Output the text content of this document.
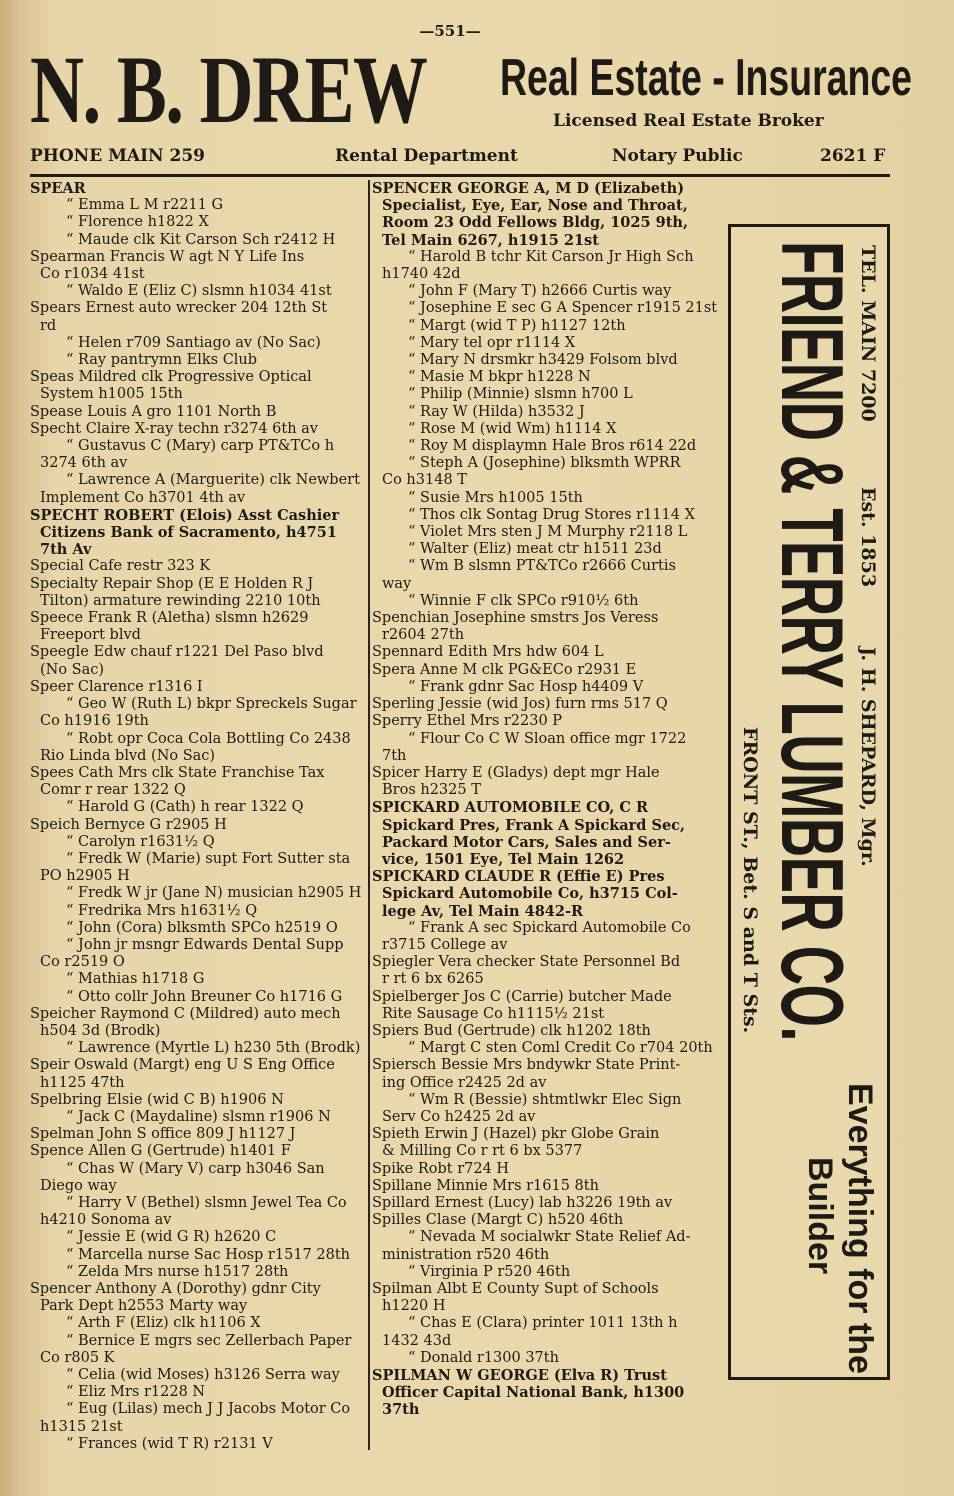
—551—
N. B. DREW Real Estate - Insurance
Licensed Real Estate Broker
PHONE MAIN 259	Rental Department	Notary Public	2621 F
SPEAR
“ Emma L M r2211 G
“ Florence h1822 X
“ Maude clk Kit Carson Sch r2412 H
Spearman Francis W agt N Y Life Ins
Co r1034 41st
“ Waldo E (Eliz C) slsmn h1034 41st
Spears Ernest auto wrecker 204 12th St
rd
“ Helen r709 Santiago av (No Sac)
“ Ray pantrymn Elks Club
Speas Mildred clk Progressive Optical
System h1005 15th
Spease Louis A gro 1101 North B
Specht Claire X-ray techn r3274 6th av
“ Gustavus C (Mary) carp PT&TCo h
3274 6th av
“ Lawrence A (Marguerite) clk Newbert
Implement Co h3701 4th av
SPECHT ROBERT (Elois) Asst Cashier
Citizens Bank of Sacramento, h4751
7th Av
Special Cafe restr 323 K
Specialty Repair Shop (E E Holden R J
Tilton) armature rewinding 2210 10th
Speece Frank R (Aletha) slsmn h2629
Freeport blvd
Speegle Edw chauf r1221 Del Paso blvd
(No Sac)
Speer Clarence r1316 I
“ Geo W (Ruth L) bkpr Spreckels Sugar
Co h1916 19th
“ Robt opr Coca Cola Bottling Co 2438
Rio Linda blvd (No Sac)
Spees Cath Mrs clk State Franchise Tax
Comr r rear 1322 Q
“ Harold G (Cath) h rear 1322 Q
Speich Bernyce G r2905 H
“ Carolyn r1631½ Q
“ Fredk W (Marie) supt Fort Sutter sta
PO h2905 H
“ Fredk W jr (Jane N) musician h2905 H
“ Fredrika Mrs h1631½ Q
“ John (Cora) blksmth SPCo h2519 O
“ John jr msngr Edwards Dental Supp
Co r2519 O
“ Mathias h1718 G
“ Otto collr John Breuner Co h1716 G
Speicher Raymond C (Mildred) auto mech
h504 3d (Brodk)
“ Lawrence (Myrtle L) h230 5th (Brodk)
Speir Oswald (Margt) eng U S Eng Office
h1125 47th
Spelbring Elsie (wid C B) h1906 N
“ Jack C (Maydaline) slsmn r1906 N
Spelman John S office 809 J h1127 J
Spence Allen G (Gertrude) h1401 F
“ Chas W (Mary V) carp h3046 San
Diego way
“ Harry V (Bethel) slsmn Jewel Tea Co
h4210 Sonoma av
“ Jessie E (wid G R) h2620 C
“ Marcella nurse Sac Hosp r1517 28th
“ Zelda Mrs nurse h1517 28th
Spencer Anthony A (Dorothy) gdnr City
Park Dept h2553 Marty way
“ Arth F (Eliz) clk h1106 X
“ Bernice E mgrs sec Zellerbach Paper
Co r805 K
“ Celia (wid Moses) h3126 Serra way
“ Eliz Mrs r1228 N
“ Eug (Lilas) mech J J Jacobs Motor Co
h1315 21st
“ Frances (wid T R) r2131 V
SPENCER GEORGE A, M D (Elizabeth)
Specialist, Eye, Ear, Nose and Throat,
Room 23 Odd Fellows Bldg, 1025 9th,
Tel Main 6267, h1915 21st
“ Harold B tchr Kit Carson Jr High Sch
h1740 42d
“ John F (Mary T) h2666 Curtis way
“ Josephine E sec G A Spencer r1915 21st
“ Margt (wid T P) h1127 12th
“ Mary tel opr r1114 X
“ Mary N drsmkr h3429 Folsom blvd
“ Masie M bkpr h1228 N
“ Philip (Minnie) slsmn h700 L
“ Ray W (Hilda) h3532 J
“ Rose M (wid Wm) h1114 X
“ Roy M displaymn Hale Bros r614 22d
“ Steph A (Josephine) blksmth WPRR
Co h3148 T
“ Susie Mrs h1005 15th
“ Thos clk Sontag Drug Stores r1114 X
“ Violet Mrs sten J M Murphy r2118 L
“ Walter (Eliz) meat ctr h1511 23d
“ Wm B slsmn PT&TCo r2666 Curtis
way
“ Winnie F clk SPCo r910½ 6th
Spenchian Josephine smstrs Jos Veress
r2604 27th
Spennard Edith Mrs hdw 604 L
Spera Anne M clk PG&ECo r2931 E
“ Frank gdnr Sac Hosp h4409 V
Sperling Jessie (wid Jos) furn rms 517 Q
Sperry Ethel Mrs r2230 P
“ Flour Co C W Sloan office mgr 1722
7th
Spicer Harry E (Gladys) dept mgr Hale
Bros h2325 T
SPICKARD AUTOMOBILE CO, C R
Spickard Pres, Frank A Spickard Sec,
Packard Motor Cars, Sales and Ser-
vice, 1501 Eye, Tel Main 1262
SPICKARD CLAUDE R (Effie E) Pres
Spickard Automobile Co, h3715 Col-
lege Av, Tel Main 4842-R
“ Frank A sec Spickard Automobile Co
r3715 College av
Spiegler Vera checker State Personnel Bd
r rt 6 bx 6265
Spielberger Jos C (Carrie) butcher Made
Rite Sausage Co h1115½ 21st
Spiers Bud (Gertrude) clk h1202 18th
“ Margt C sten Coml Credit Co r704 20th
Spiersch Bessie Mrs bndywkr State Print-
ing Office r2425 2d av
“ Wm R (Bessie) shtmtlwkr Elec Sign
Serv Co h2425 2d av
Spieth Erwin J (Hazel) pkr Globe Grain
& Milling Co r rt 6 bx 5377
Spike Robt r724 H
Spillane Minnie Mrs r1615 8th
Spillard Ernest (Lucy) lab h3226 19th av
Spilles Clase (Margt C) h520 46th
“ Nevada M socialwkr State Relief Ad-
ministration r520 46th
“ Virginia P r520 46th
Spilman Albt E County Supt of Schools
h1220 H
“ Chas E (Clara) printer 1011 13th h
1432 43d
“ Donald r1300 37th
SPILMAN W GEORGE (Elva R) Trust
Officer Capital National Bank, h1300
37th
TEL. MAIN 7200
Est. 1853
J. H. SHEPARD, Mgr.
FRIEND & TERRY LUMBER CO.
FRONT ST., Bet. S and T Sts.
Everything for the
Builder
